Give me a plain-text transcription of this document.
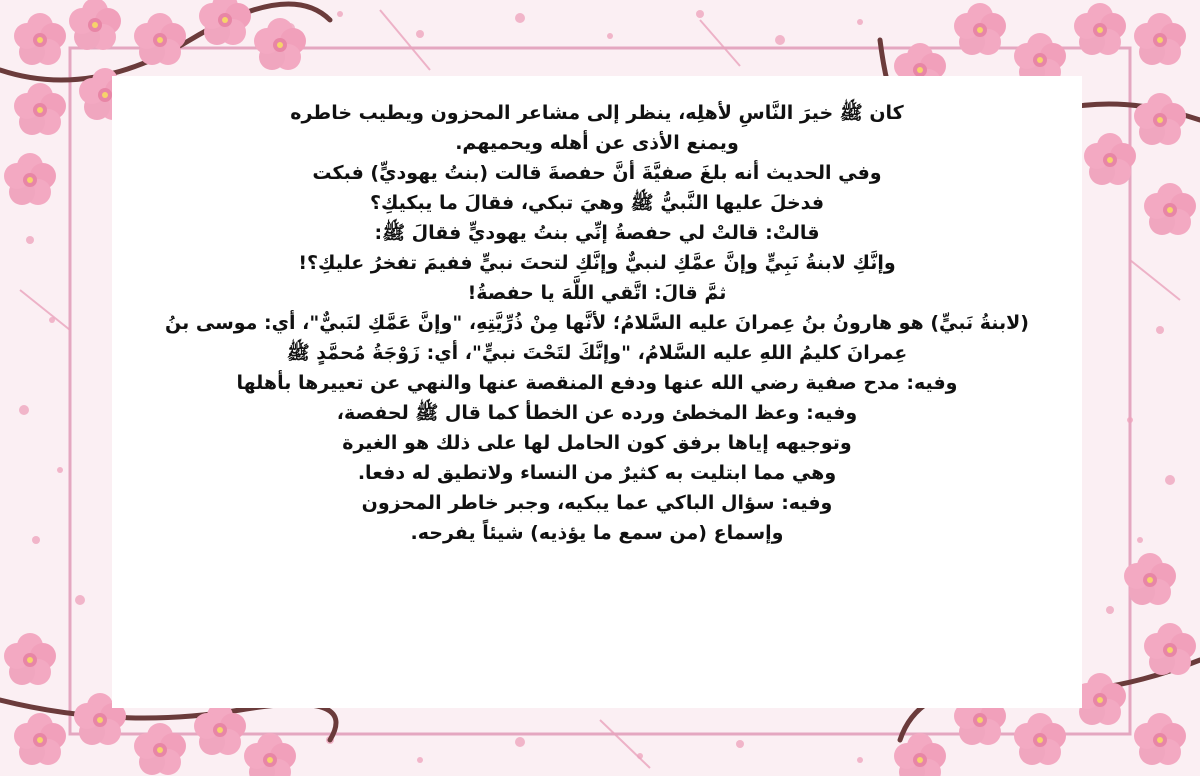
كان ﷺ خيرَ النَّاسِ لأهلِه، ينظر إلى مشاعر المحزون ويطيب خاطره
ويمنع الأذى عن أهله ويحميهم.
وفي الحديث أنه بلغَ صفيَّةَ أنَّ حفصةَ قالت (بنتُ يهوديٍّ) فبكت
فدخلَ عليها النَّبيُّ ﷺ وهيَ تبكي، فقالَ ما يبكيكِ؟
قالتْ: قالتْ لي حفصةُ إنِّي بنتُ يهوديٍّ فقالَ ﷺ:
وإنَّكِ لابنةُ نَبِيٍّ وإنَّ عمَّكِ لنبيٌّ وإنَّكِ لتحتَ نبيٍّ ففيمَ تفخرُ عليكِ؟!
ثمَّ قالَ: اتَّقي اللَّهَ يا حفصةُ!
(لابنةُ نَبيٍّ) هو هارونُ بنُ عِمرانَ عليه السَّلامُ؛ لأنَّها مِنْ ذُرِّيَّتِهِ، "وإنَّ عَمَّكِ لنَبيٌّ"، أي: موسى بنُ
عِمرانَ كليمُ اللهِ عليه السَّلامُ، "وإنَّكَ لتَحْتَ نبيٍّ"، أي: زَوْجَةُ مُحمَّدٍ ﷺ
وفيه: مدح صفية رضي الله عنها ودفع المنقصة عنها والنهي عن تعييرها بأهلها
وفيه: وعظ المخطئ ورده عن الخطأ كما قال ﷺ لحفصة،
وتوجيهه إياها برفق كون الحامل لها على ذلك هو الغيرة
وهي مما ابتليت به كثيرٌ من النساء ولاتطيق له دفعا.
وفيه: سؤال الباكي عما يبكيه، وجبر خاطر المحزون
وإسماع (من سمع ما يؤذيه) شيئاً يفرحه.
